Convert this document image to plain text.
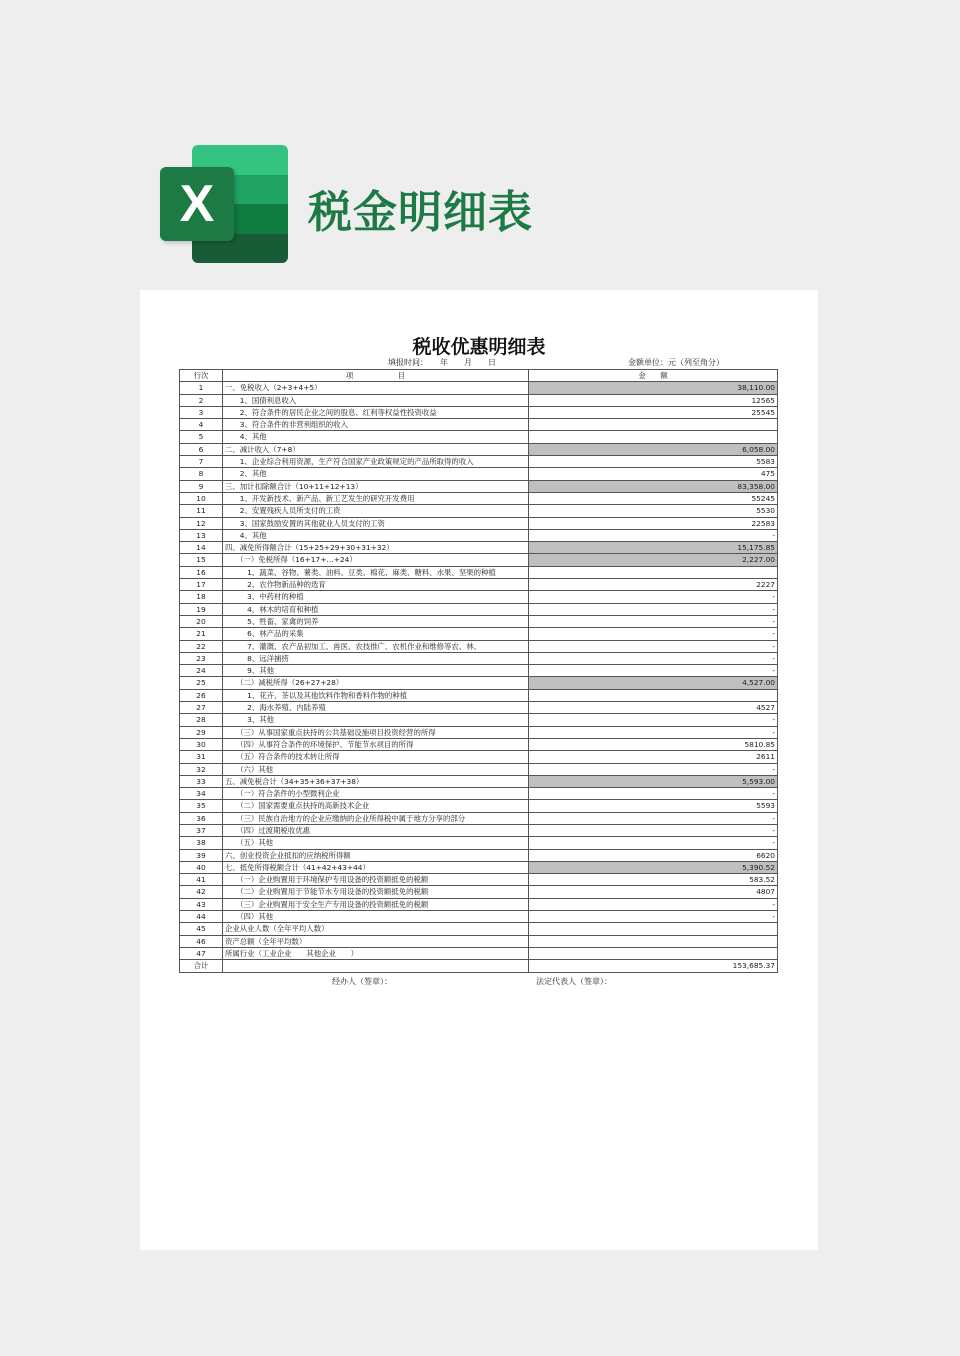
X	税金明细表
税收优惠明细表
填报时间：　　年　　月　　日	金额单位：元（列至角分）
行次	项　　　　　　目	金　　额
1	一、免税收入（2+3+4+5）	38,110.00
2	　　1、国债利息收入	12565
3	　　2、符合条件的居民企业之间的股息、红利等权益性投资收益	25545
4	　　3、符合条件的非营利组织的收入	
5	　　4、其他	
6	二、减计收入（7+8）	6,058.00
7	　　1、企业综合利用资源，生产符合国家产业政策规定的产品所取得的收入	5583
8	　　2、其他	475
9	三、加计扣除额合计（10+11+12+13）	83,358.00
10	　　1、开发新技术、新产品、新工艺发生的研究开发费用	55245
11	　　2、安置残疾人员所支付的工资	5530
12	　　3、国家鼓励安置的其他就业人员支付的工资	22583
13	　　4、其他	-
14	四、减免所得额合计（15+25+29+30+31+32）	15,175.85
15	　　（一）免税所得（16+17+…+24）	2,227.00
16	　　　1、蔬菜、谷物、薯类、油料、豆类、棉花、麻类、糖料、水果、坚果的种植	
17	　　　2、农作物新品种的选育	2227
18	　　　3、中药材的种植	-
19	　　　4、林木的培育和种植	-
20	　　　5、牲畜、家禽的饲养	-
21	　　　6、林产品的采集	-
22	　　　7、灌溉、农产品初加工、兽医、农技推广、农机作业和维修等农、林、	-
23	　　　8、远洋捕捞	-
24	　　　9、其他	-
25	　　（二）减税所得（26+27+28）	4,527.00
26	　　　1、花卉、茶以及其他饮料作物和香料作物的种植	
27	　　　2、海水养殖、内陆养殖	4527
28	　　　3、其他	-
29	　　（三）从事国家重点扶持的公共基础设施项目投资经营的所得	-
30	　　（四）从事符合条件的环境保护、节能节水项目的所得	5810.85
31	　　（五）符合条件的技术转让所得	2611
32	　　（六）其他	-
33	五、减免税合计（34+35+36+37+38）	5,593.00
34	　　（一）符合条件的小型微利企业	-
35	　　（二）国家需要重点扶持的高新技术企业	5593
36	　　（三）民族自治地方的企业应缴纳的企业所得税中属于地方分享的部分	-
37	　　（四）过渡期税收优惠	-
38	　　（五）其他	-
39	六、创业投资企业抵扣的应纳税所得额	6620
40	七、抵免所得税额合计（41+42+43+44）	5,390.52
41	　　（一）企业购置用于环境保护专用设备的投资额抵免的税额	583.52
42	　　（二）企业购置用于节能节水专用设备的投资额抵免的税额	4807
43	　　（三）企业购置用于安全生产专用设备的投资额抵免的税额	-
44	　　（四）其他	-
45	企业从业人数（全年平均人数）	
46	资产总额（全年平均数）	
47	所属行业（工业企业　　其他企业　　）	
合计		153,685.37
经办人（签章）：	法定代表人（签章）：
